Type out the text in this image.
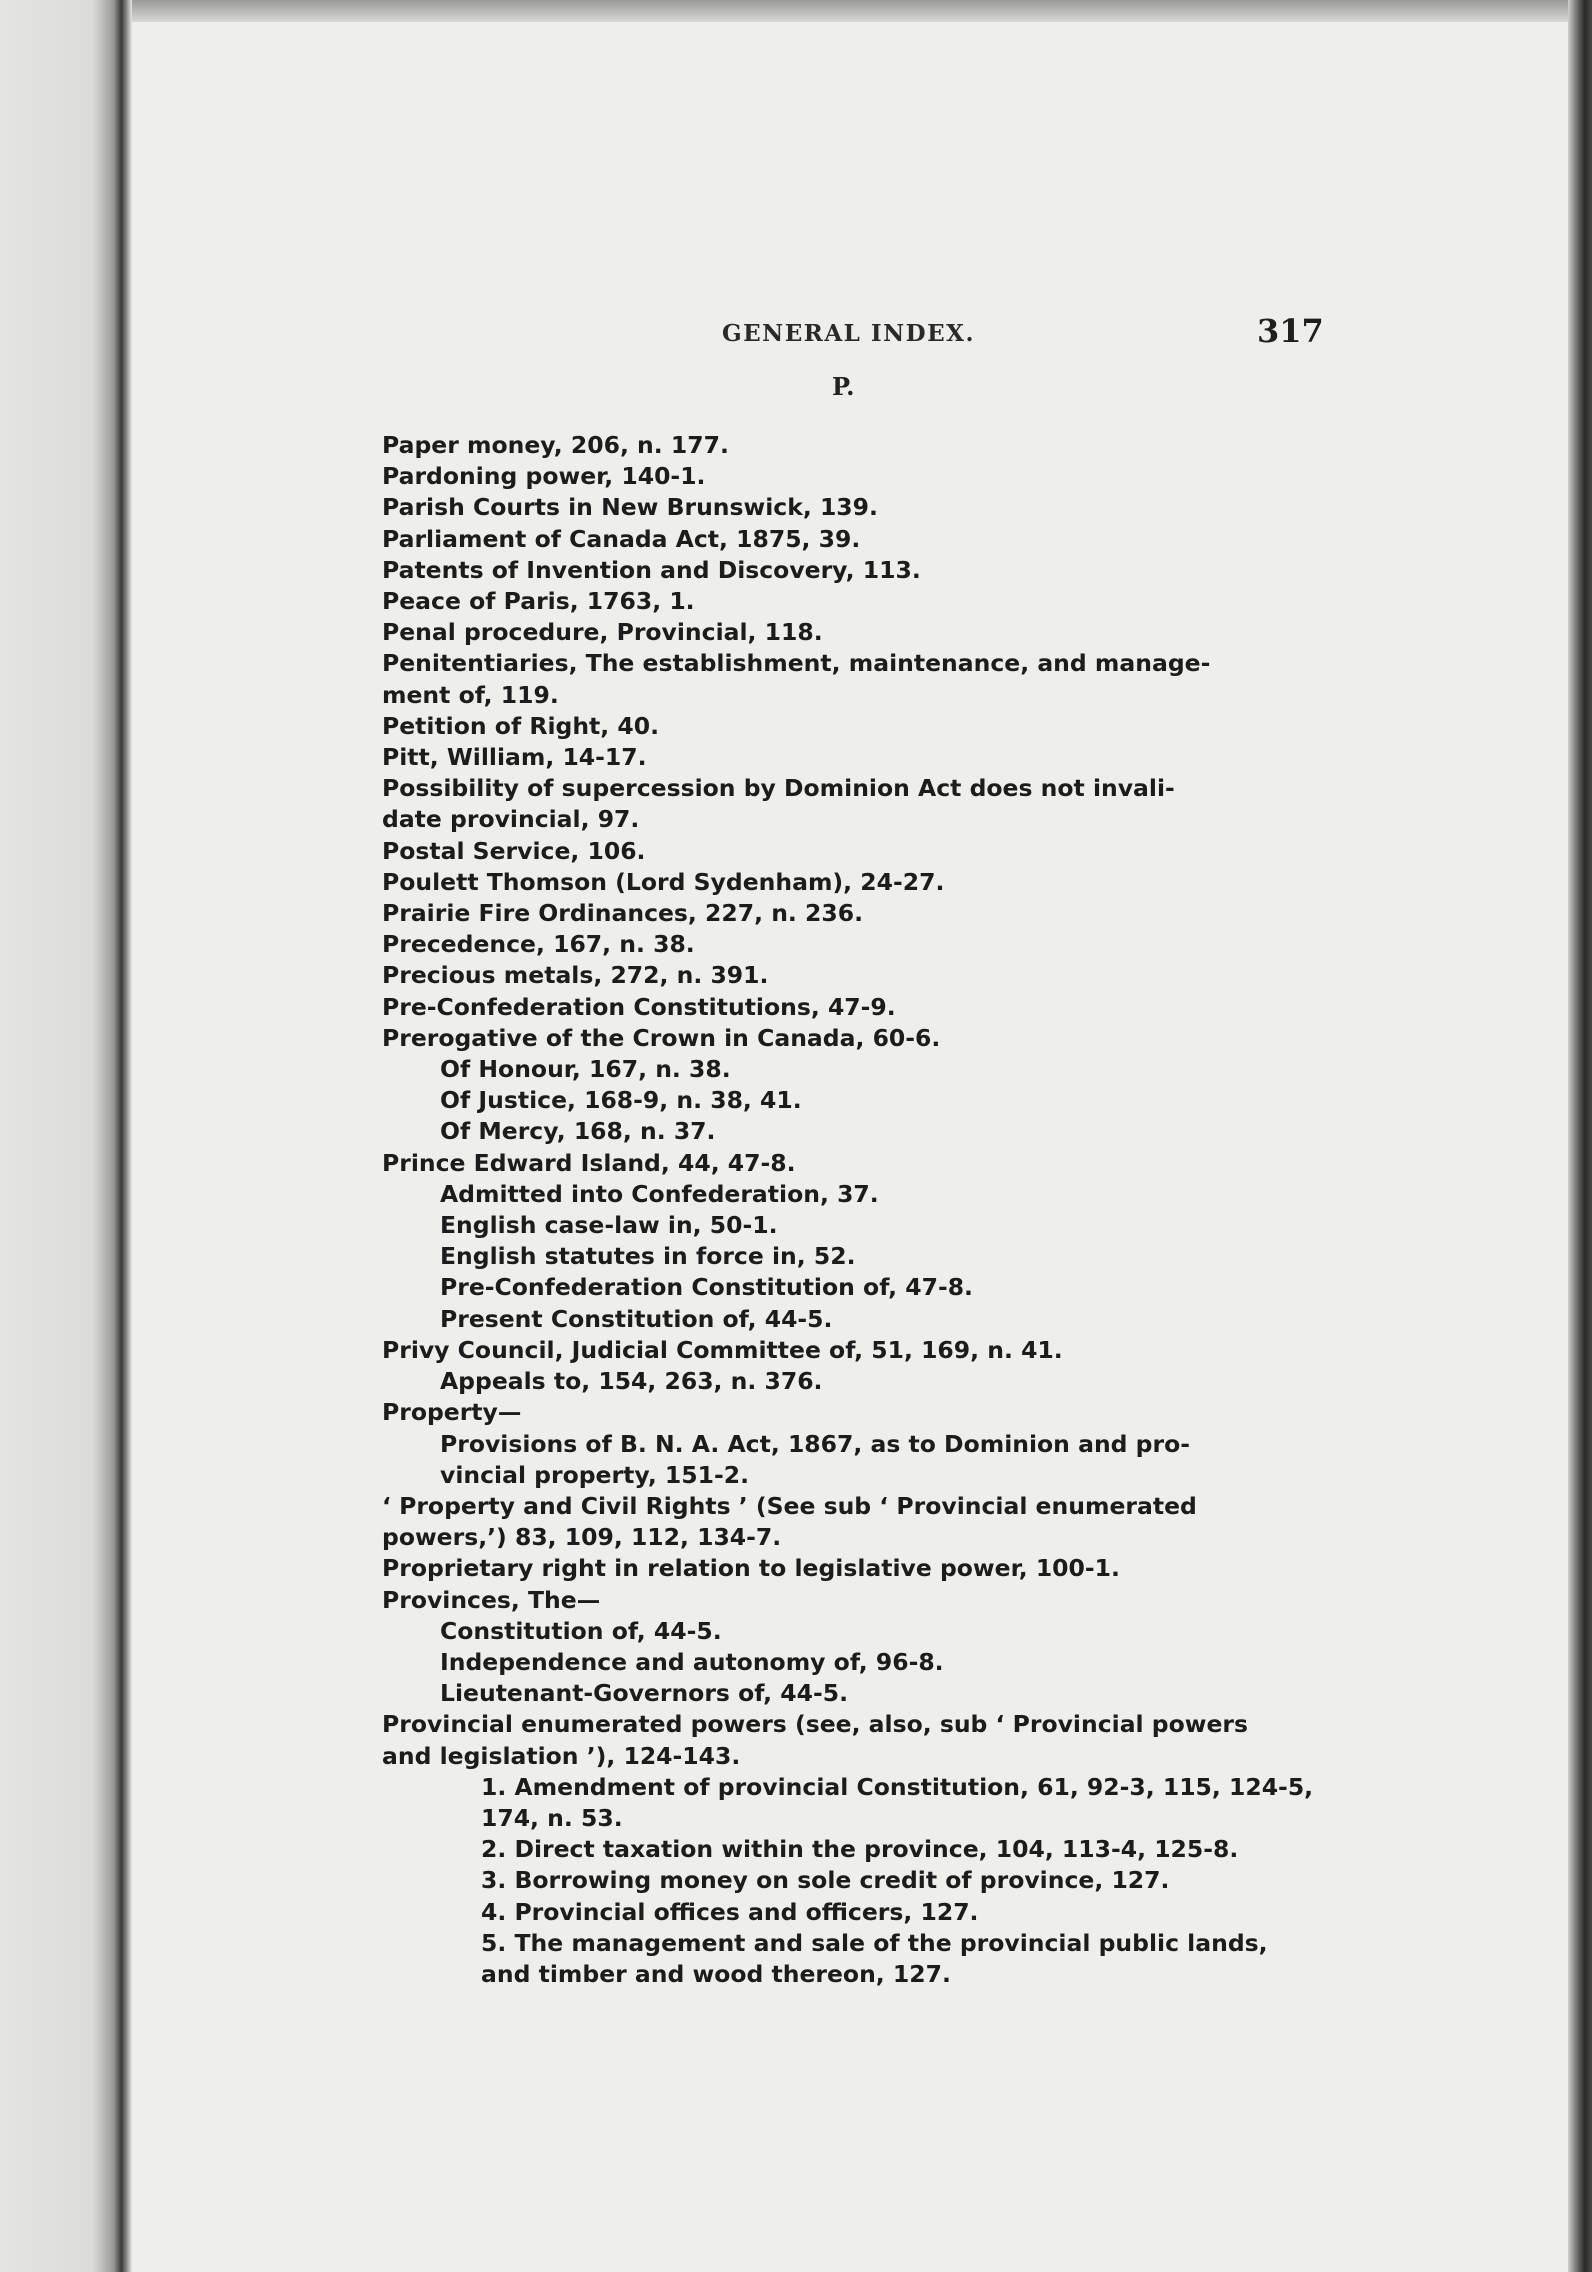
GENERAL INDEX.	317
P.
Paper money, 206, n. 177.
Pardoning power, 140-1.
Parish Courts in New Brunswick, 139.
Parliament of Canada Act, 1875, 39.
Patents of Invention and Discovery, 113.
Peace of Paris, 1763, 1.
Penal procedure, Provincial, 118.
Penitentiaries, The establishment, maintenance, and manage-
ment of, 119.
Petition of Right, 40.
Pitt, William, 14-17.
Possibility of supercession by Dominion Act does not invali-
date provincial, 97.
Postal Service, 106.
Poulett Thomson (Lord Sydenham), 24-27.
Prairie Fire Ordinances, 227, n. 236.
Precedence, 167, n. 38.
Precious metals, 272, n. 391.
Pre-Confederation Constitutions, 47-9.
Prerogative of the Crown in Canada, 60-6.
Of Honour, 167, n. 38.
Of Justice, 168-9, n. 38, 41.
Of Mercy, 168, n. 37.
Prince Edward Island, 44, 47-8.
Admitted into Confederation, 37.
English case-law in, 50-1.
English statutes in force in, 52.
Pre-Confederation Constitution of, 47-8.
Present Constitution of, 44-5.
Privy Council, Judicial Committee of, 51, 169, n. 41.
Appeals to, 154, 263, n. 376.
Property—
Provisions of B. N. A. Act, 1867, as to Dominion and pro-
vincial property, 151-2.
‘ Property and Civil Rights ’ (See sub ‘ Provincial enumerated
powers,’) 83, 109, 112, 134-7.
Proprietary right in relation to legislative power, 100-1.
Provinces, The—
Constitution of, 44-5.
Independence and autonomy of, 96-8.
Lieutenant-Governors of, 44-5.
Provincial enumerated powers (see, also, sub ‘ Provincial powers
and legislation ’), 124-143.
1. Amendment of provincial Constitution, 61, 92-3, 115, 124-5,
174, n. 53.
2. Direct taxation within the province, 104, 113-4, 125-8.
3. Borrowing money on sole credit of province, 127.
4. Provincial offices and officers, 127.
5. The management and sale of the provincial public lands,
and timber and wood thereon, 127.
